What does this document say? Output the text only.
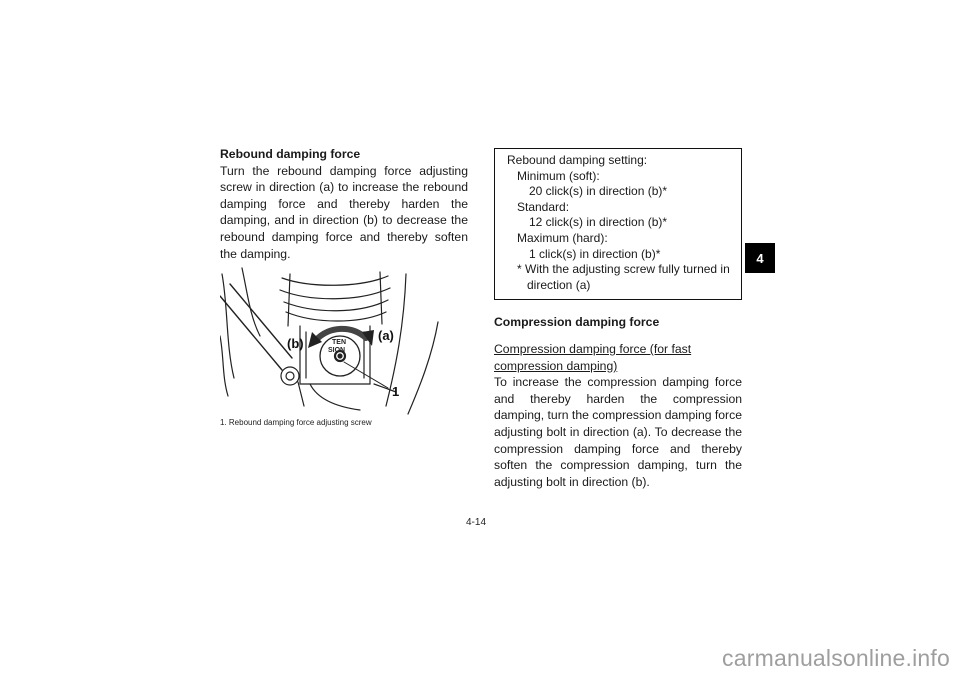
Rebound damping force

Turn the rebound damping force adjusting screw in direction (a) to increase the rebound damping force and thereby harden the damping, and in direction (b) to decrease the rebound damping force and thereby soften the damping.

TEN
SION
(b)
(a)
1
1. Rebound damping force adjusting screw
Rebound damping setting:
Minimum (soft):
20 click(s) in direction (b)*
Standard:
12 click(s) in direction (b)*
Maximum (hard):
1 click(s) in direction (b)*
* With the adjusting screw fully turned in direction (a)
Compression damping force
Compression damping force (for fast compression damping)

To increase the compression damping force and thereby harden the compression damping, turn the compression damping force adjusting bolt in direction (a). To decrease the compression damping force and thereby soften the compression damping, turn the adjusting bolt in direction (b).

4
4-14
carmanualsonline.info
